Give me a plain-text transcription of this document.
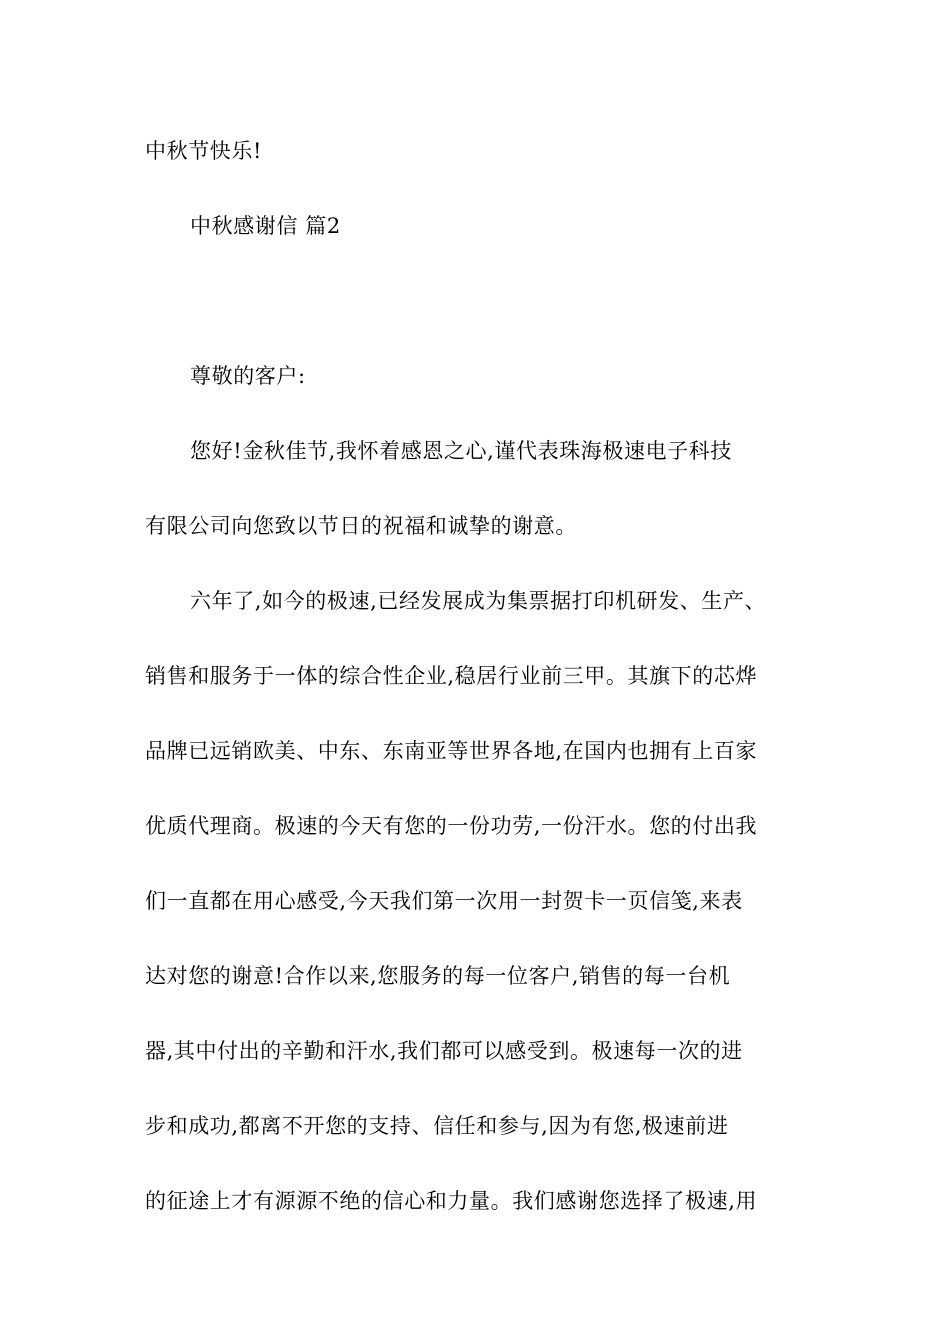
中秋节快乐!
中秋感谢信 篇2
尊敬的客户:
您好!金秋佳节,我怀着感恩之心,谨代表珠海极速电子科技
有限公司向您致以节日的祝福和诚挚的谢意。
六年了,如今的极速,已经发展成为集票据打印机研发、生产、
销售和服务于一体的综合性企业,稳居行业前三甲。其旗下的芯烨
品牌已远销欧美、中东、东南亚等世界各地,在国内也拥有上百家
优质代理商。极速的今天有您的一份功劳,一份汗水。您的付出我
们一直都在用心感受,今天我们第一次用一封贺卡一页信笺,来表
达对您的谢意!合作以来,您服务的每一位客户,销售的每一台机
器,其中付出的辛勤和汗水,我们都可以感受到。极速每一次的进
步和成功,都离不开您的支持、信任和参与,因为有您,极速前进
的征途上才有源源不绝的信心和力量。我们感谢您选择了极速,用
